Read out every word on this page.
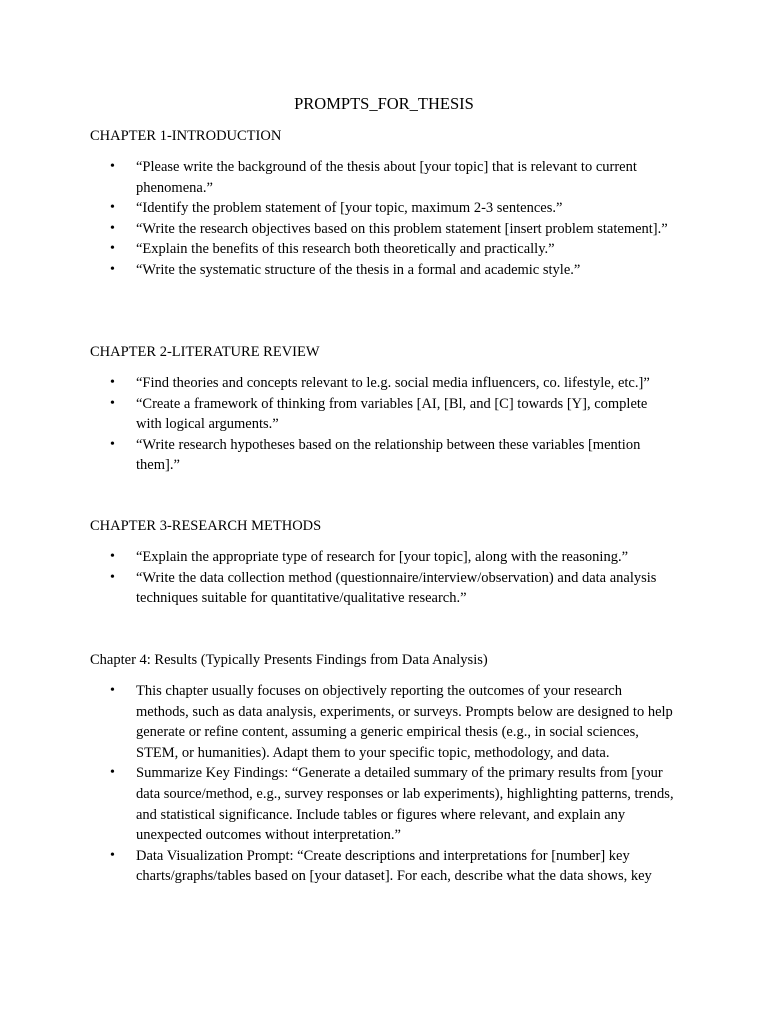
PROMPTS_FOR_THESIS
CHAPTER 1-INTRODUCTION
• “Please write the background of the thesis about [your topic] that is relevant to current phenomena.”
• “Identify the problem statement of [your topic, maximum 2-3 sentences.”
• “Write the research objectives based on this problem statement [insert problem statement].”
• “Explain the benefits of this research both theoretically and practically.”
• “Write the systematic structure of the thesis in a formal and academic style.”
CHAPTER 2-LITERATURE REVIEW
• “Find theories and concepts relevant to le.g. social media influencers, co. lifestyle, etc.]”
• “Create a framework of thinking from variables [AI, [Bl, and [C] towards [Y], complete with logical arguments.”
• “Write research hypotheses based on the relationship between these variables [mention them].”
CHAPTER 3-RESEARCH METHODS
• “Explain the appropriate type of research for [your topic], along with the reasoning.”
• “Write the data collection method (questionnaire/interview/observation) and data analysis techniques suitable for quantitative/qualitative research.”
Chapter 4: Results (Typically Presents Findings from Data Analysis)
• This chapter usually focuses on objectively reporting the outcomes of your research methods, such as data analysis, experiments, or surveys. Prompts below are designed to help generate or refine content, assuming a generic empirical thesis (e.g., in social sciences, STEM, or humanities). Adapt them to your specific topic, methodology, and data.
• Summarize Key Findings: “Generate a detailed summary of the primary results from [your data source/method, e.g., survey responses or lab experiments), highlighting patterns, trends, and statistical significance. Include tables or figures where relevant, and explain any unexpected outcomes without interpretation.”
• Data Visualization Prompt: “Create descriptions and interpretations for [number] key charts/graphs/tables based on [your dataset]. For each, describe what the data shows, key
